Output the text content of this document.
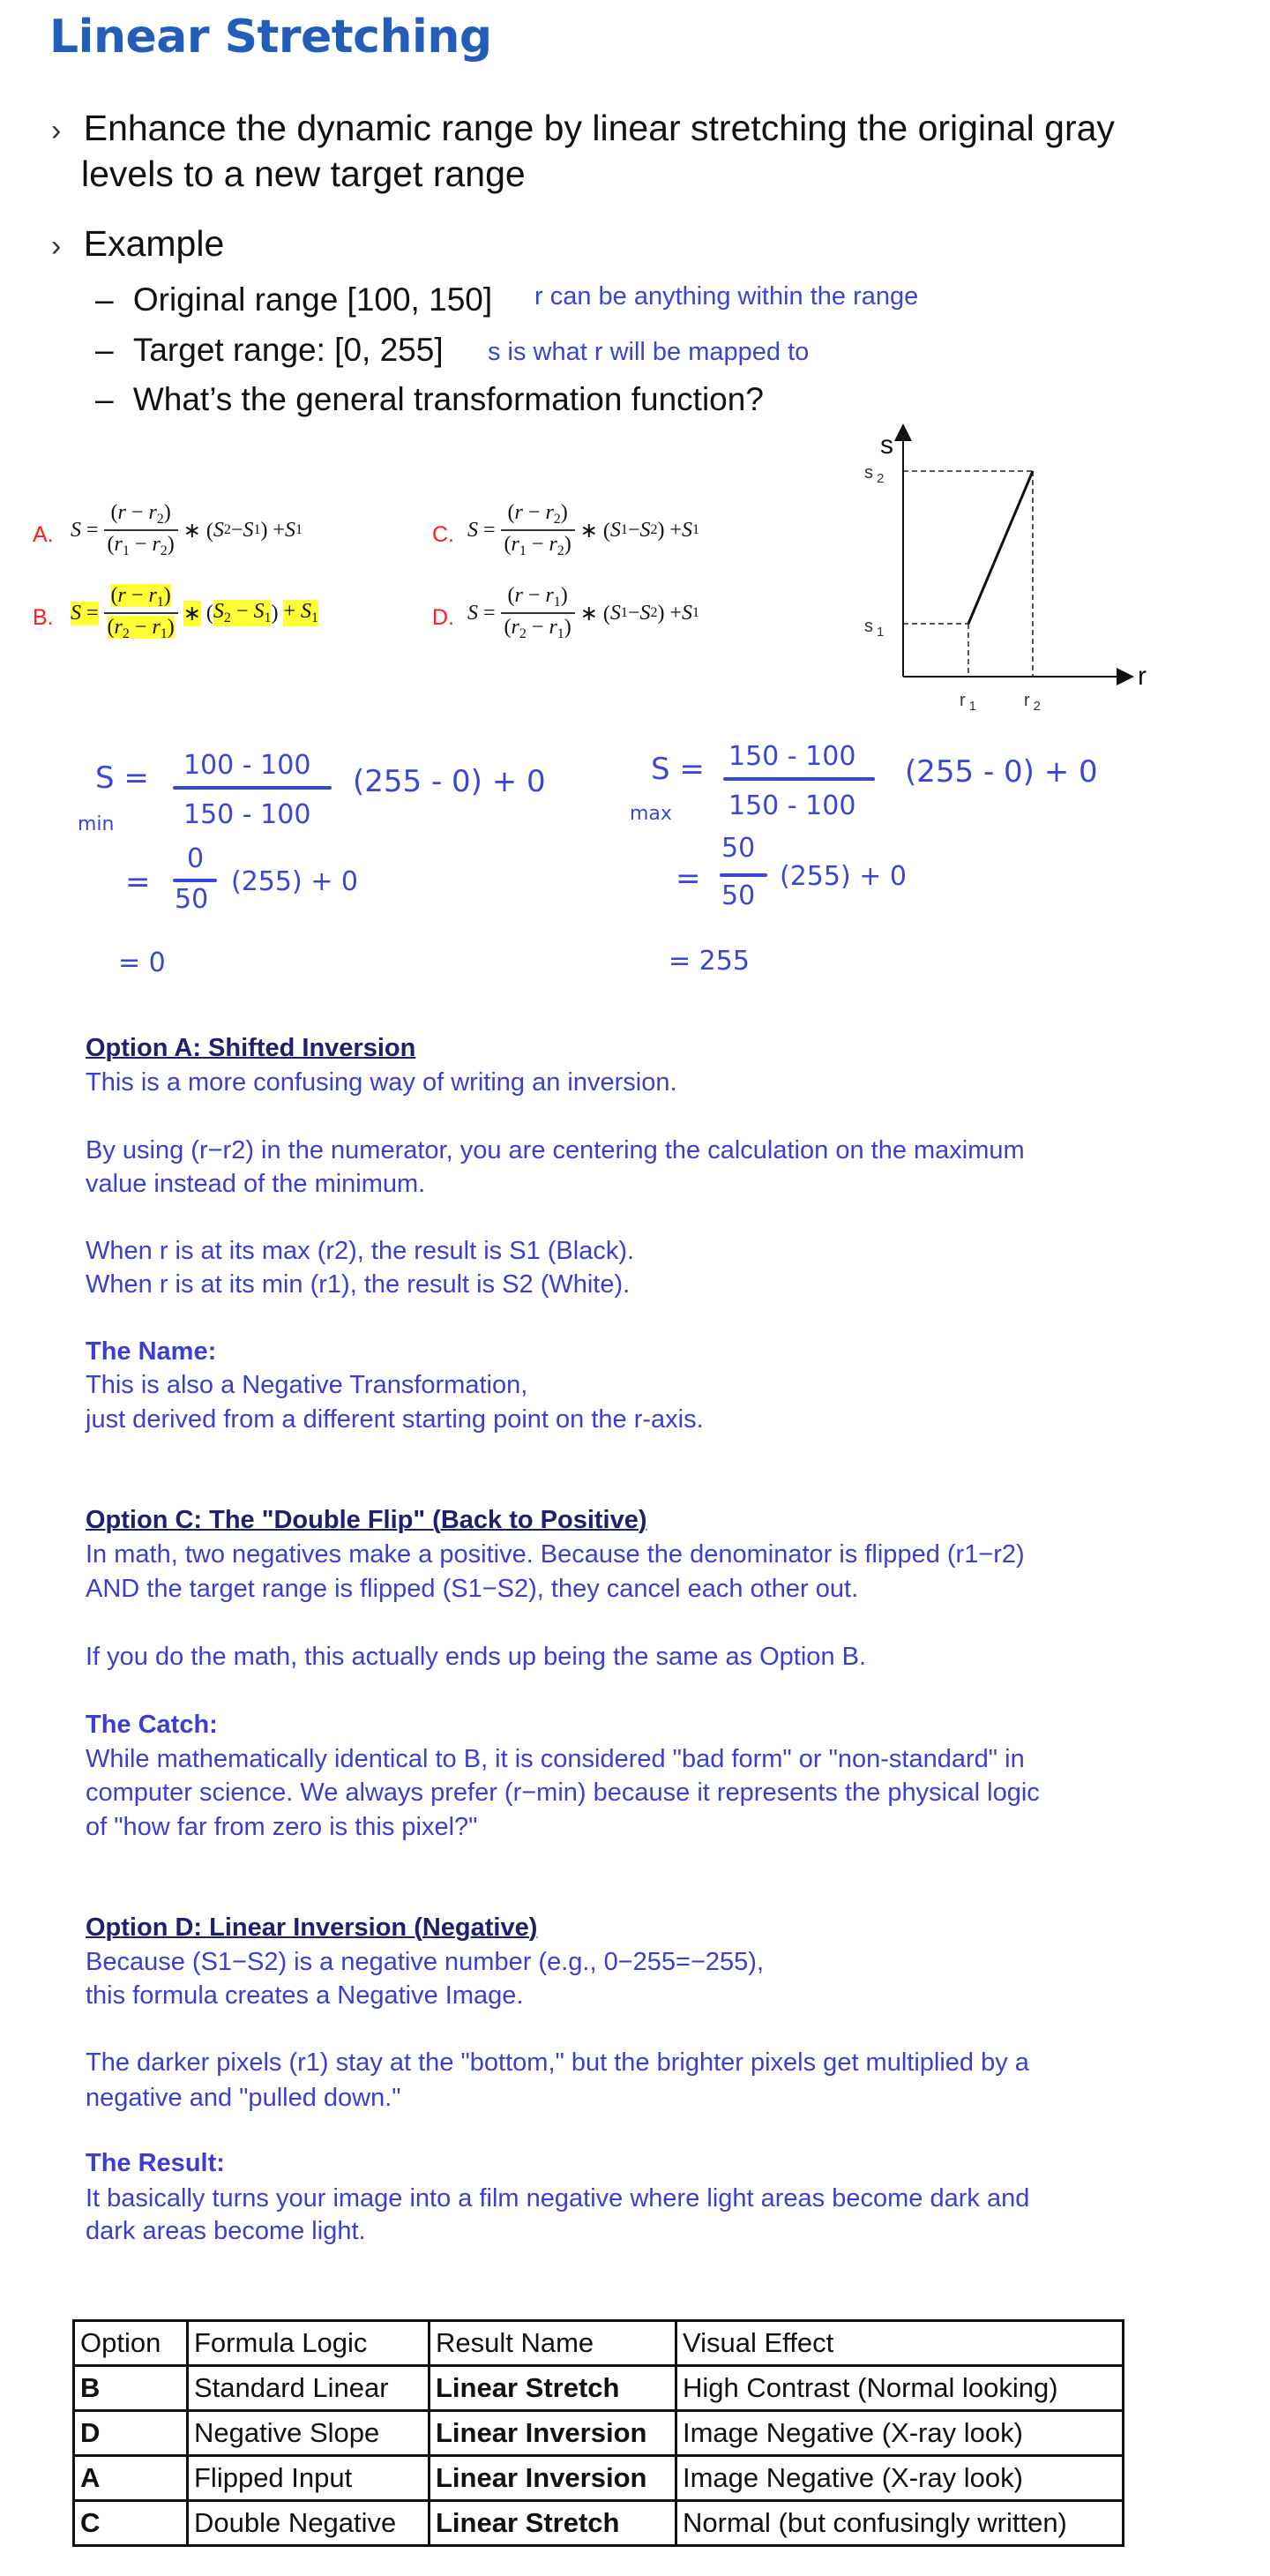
Linear Stretching
› Enhance the dynamic range by linear stretching the original gray
levels to a new target range
› Example
– Original range [100, 150] r can be anything within the range
– Target range: [0, 255] s is what r will be mapped to
– What’s the general transformation function?
A. S
= $\frac{(r - r_2)}{(r_1 - r_2)}$ ∗ ( S 2 − S 1 ) + S 1
B. $S = \frac{(r - r_1)}{(r_2 - r_1)}$ ∗ ( $S_2 - S_1$ ) + $S_1$
C. $S = \frac{(r - r_2)}{(r_1 - r_2)}$ ∗ ( S 1 − S 2 ) + S 1
D. $S = \frac{(r - r_1)}{(r_2 - r_1)}$ ∗ ( S 1 − S 2 ) + S 1
s
r
s $_2$
s $_1$
r $_1$	r $_2$
S =
min
100 - 100
150 - 100
(255 - 0) + 0
=
0
50
(255) + 0
= 0
S =
max
150 - 100
150 - 100
(255 - 0) + 0
=
50
50
(255) + 0
= 255
Option A: Shifted Inversion
This is a more confusing way of writing an inversion.
By using (r−r2) in the numerator, you are centering the calculation on the maximum
value instead of the minimum.
When r is at its max (r2), the result is S1 (Black).
When r is at its min (r1), the result is S2 (White).
The Name:
This is also a Negative Transformation,
just derived from a different starting point on the r-axis.
Option C: The "Double Flip" (Back to Positive)
In math, two negatives make a positive. Because the denominator is flipped (r1−r2)
AND the target range is flipped (S1−S2), they cancel each other out.
If you do the math, this actually ends up being the same as Option B.
The Catch:
While mathematically identical to B, it is considered "bad form" or "non-standard" in
computer science. We always prefer (r−min) because it represents the physical logic
of "how far from zero is this pixel?"
Option D: Linear Inversion (Negative)
Because (S1−S2) is a negative number (e.g., 0−255=−255),
this formula creates a Negative Image.
The darker pixels (r1) stay at the "bottom," but the brighter pixels get multiplied by a
negative and "pulled down."
The Result:
It basically turns your image into a film negative where light areas become dark and
dark areas become light.
Option	Formula Logic	Result Name	Visual Effect
B	Standard Linear	Linear Stretch	High Contrast (Normal looking)
D	Negative Slope	Linear Inversion	Image Negative (X-ray look)
A	Flipped Input	Linear Inversion	Image Negative (X-ray look)
C	Double Negative	Linear Stretch	Normal (but confusingly written)
